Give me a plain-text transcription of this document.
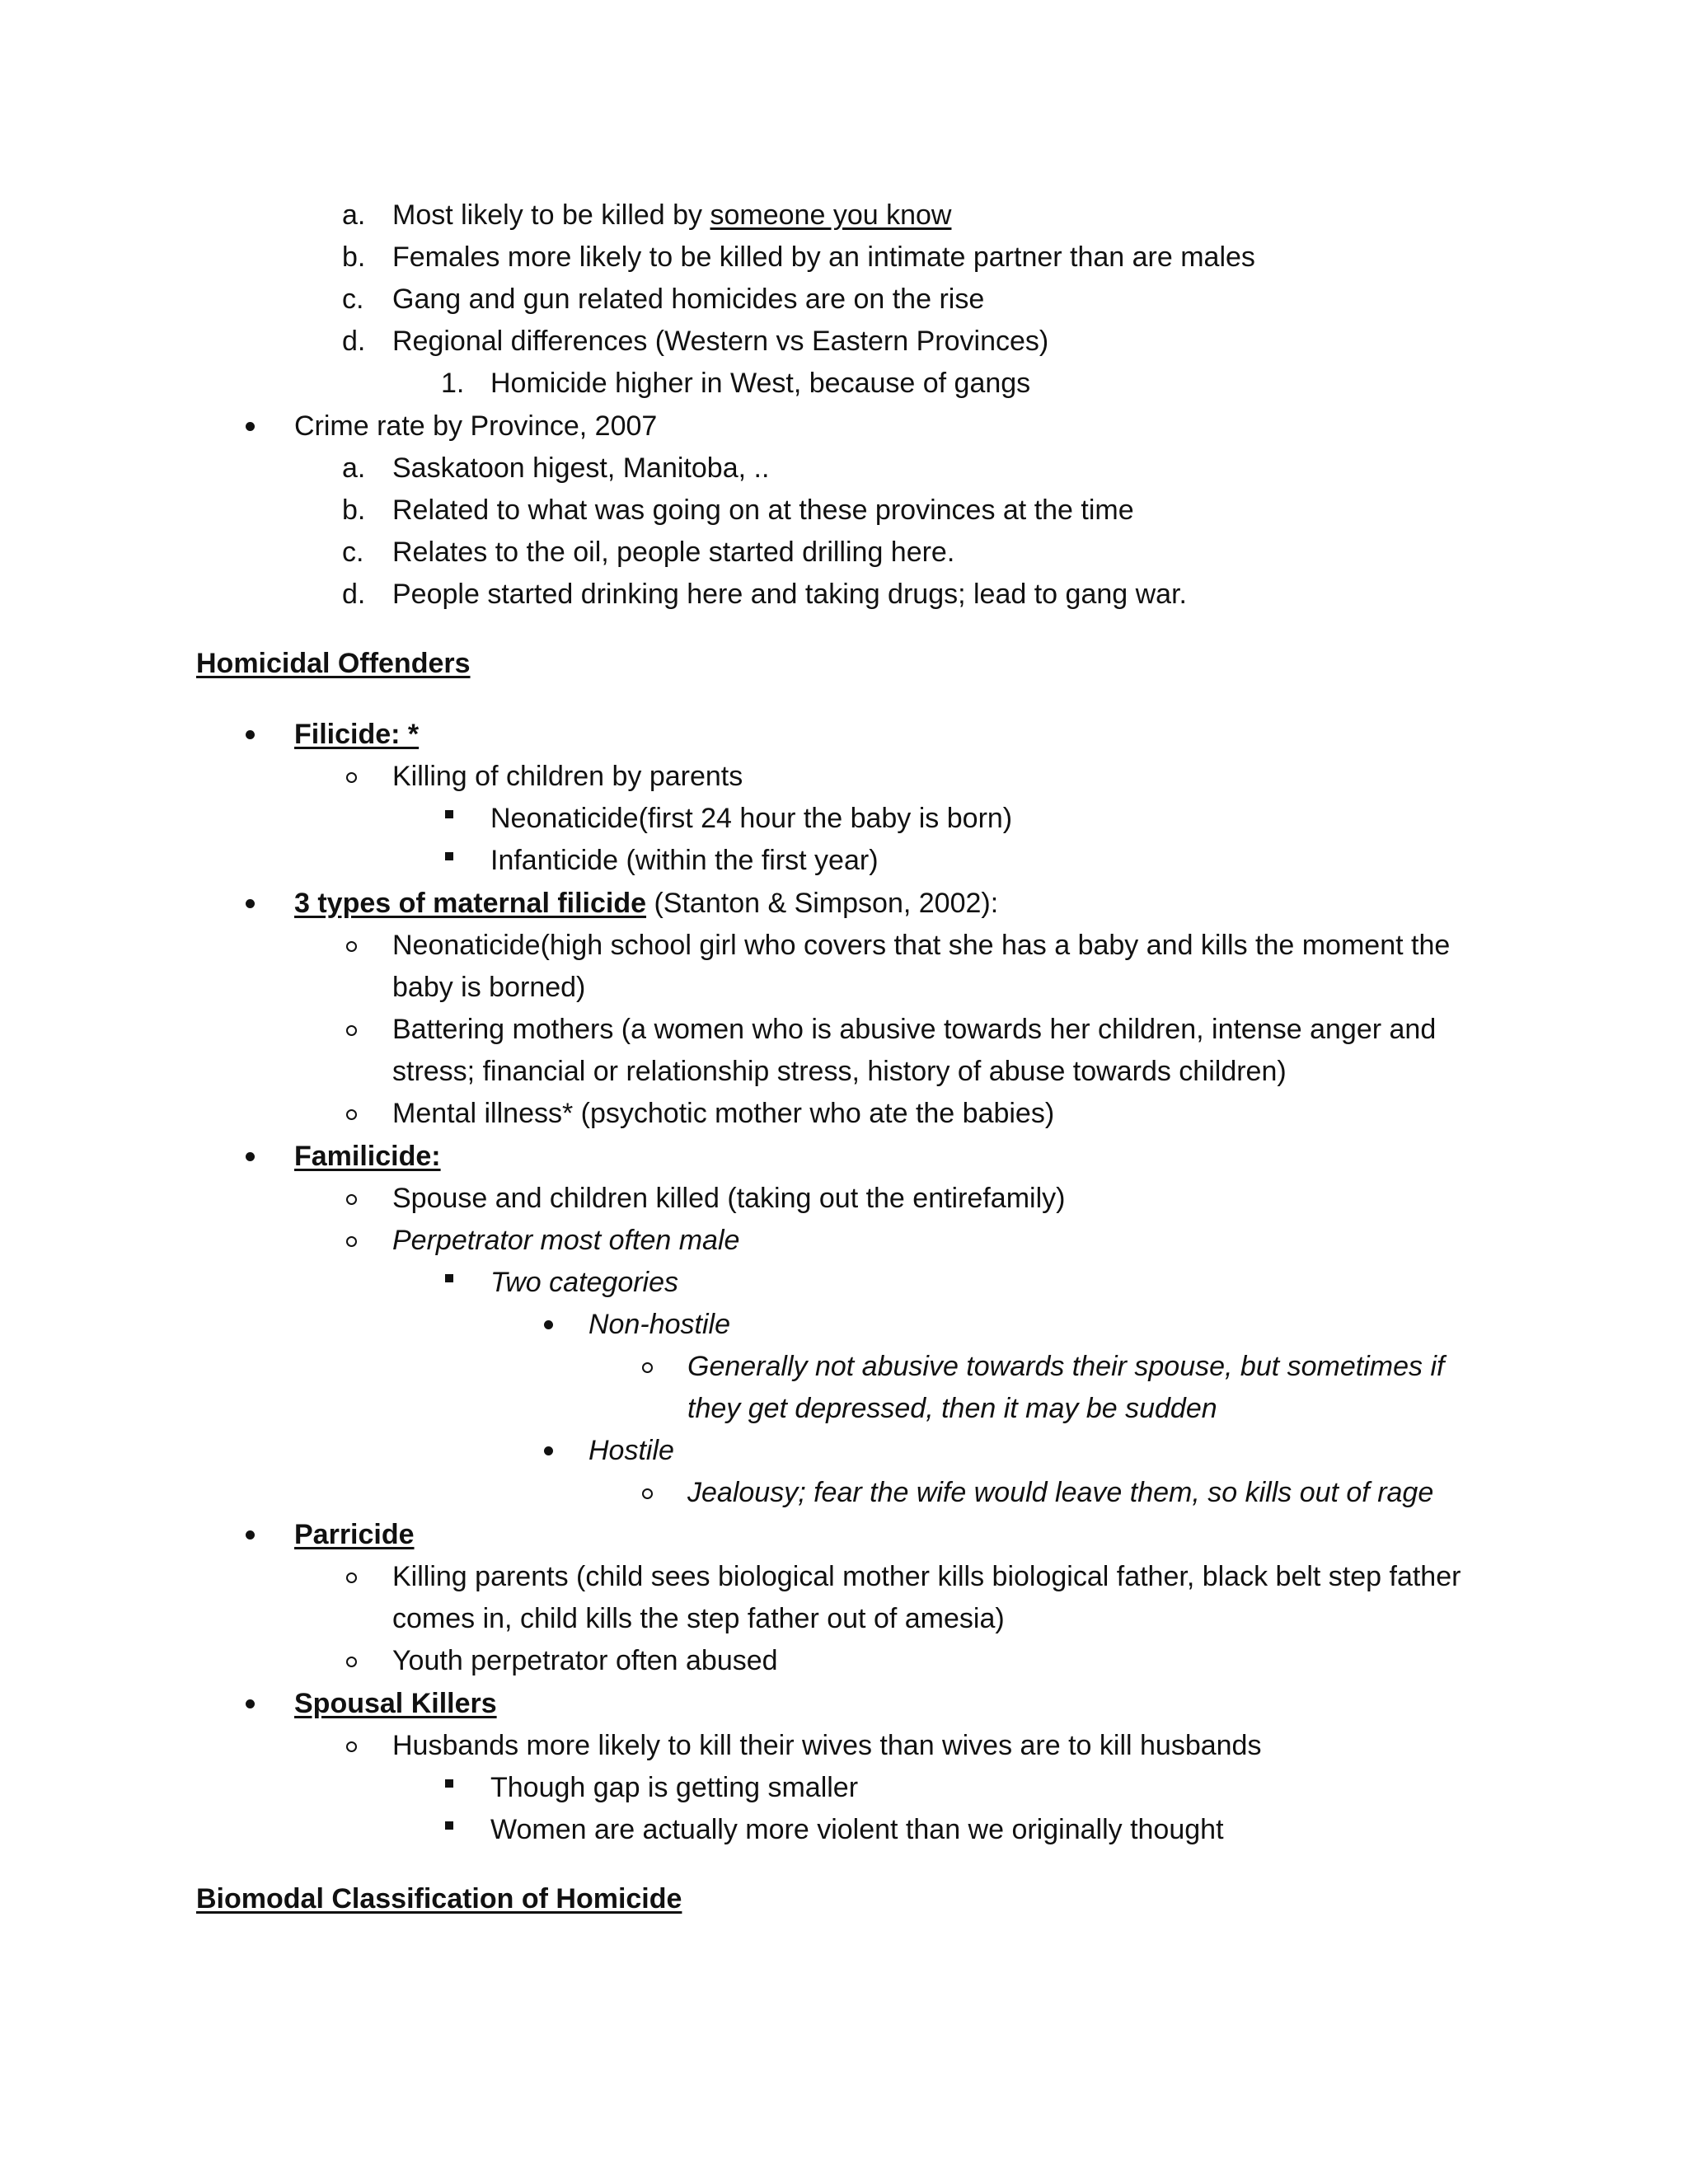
a. Most likely to be killed by someone you know
b. Females more likely to be killed by an intimate partner than are males
c. Gang and gun related homicides are on the rise
d. Regional differences (Western vs Eastern Provinces)
1. Homicide higher in West, because of gangs
Crime rate by Province, 2007
a. Saskatoon higest, Manitoba, ..
b. Related to what was going on at these provinces at the time
c. Relates to the oil, people started drilling here.
d. People started drinking here and taking drugs; lead to gang war.
Homicidal Offenders
Filicide: *
Killing of children by parents
Neonaticide(first 24 hour the baby is born)
Infanticide (within the first year)
3 types of maternal filicide (Stanton & Simpson, 2002):
Neonaticide(high school girl who covers that she has a baby and kills the moment the
baby is borned)
Battering mothers (a women who is abusive towards her children, intense anger and
stress; financial or relationship stress, history of abuse towards children)
Mental illness* (psychotic mother who ate the babies)
Familicide:
Spouse and children killed (taking out the entirefamily)
Perpetrator most often male
Two categories
Non-hostile
Generally not abusive towards their spouse, but sometimes if
they get depressed, then it may be sudden
Hostile
Jealousy; fear the wife would leave them, so kills out of rage
Parricide
Killing parents (child sees biological mother kills biological father, black belt step father
comes in, child kills the step father out of amesia)
Youth perpetrator often abused
Spousal Killers
Husbands more likely to kill their wives than wives are to kill husbands
Though gap is getting smaller
Women are actually more violent than we originally thought
Biomodal Classification of Homicide
